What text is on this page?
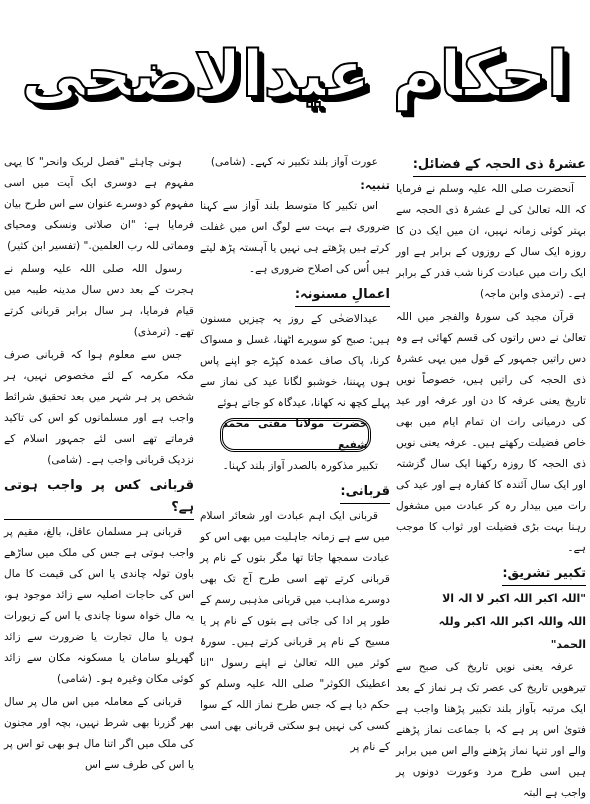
احکام عیدالاضحی
عشرۂ ذی الحجہ کے فضائل:

آنحضرت صلی اللہ علیہ وسلم نے فرمایا کہ اللہ تعالیٰ کی لے عشرۂ ذی الحجہ سے بہتر کوئی زمانہ نہیں، ان میں ایک دن کا روزہ ایک سال کے روزوں کے برابر ہے اور ایک رات میں عبادت کرنا شب قدر کے برابر ہے۔ (ترمذی وابن ماجہ)

قرآن مجید کی سورۂ والفجر میں اللہ تعالیٰ نے دس راتوں کی قسم کھائی ہے وہ دس راتیں جمہور کے قول میں یہی عشرۂ ذی الحجہ کی راتیں ہیں، خصوصاً نویں تاریخ یعنی عرفہ کا دن اور عرفہ اور عید کی درمیانی رات ان تمام ایام میں بھی خاص فضیلت رکھتے ہیں۔ عرفہ یعنی نویں ذی الحجہ کا روزہ رکھنا ایک سال گزشتہ اور ایک سال آئندہ کا کفارہ ہے اور عید کی رات میں بیدار رہ کر عبادت میں مشغول رہنا بہت بڑی فضیلت اور ثواب کا موجب ہے۔

تکبیر تشریق:
"اللہ اکبر اللہ اکبر لا الہ الا
اللہ واللہ اکبر اللہ اکبر وللہ
الحمد"

عرفہ یعنی نویں تاریخ کی صبح سے تیرھویں تاریخ کی عصر تک ہر نماز کے بعد ایک مرتبہ بآواز بلند تکبیر پڑھنا واجب ہے فتویٰ اس پر ہے کہ با جماعت نماز پڑھنے والے اور تنہا نماز پڑھنے والے اس میں برابر ہیں اسی طرح مرد وعورت دونوں پر واجب ہے البتہ

عورت آواز بلند تکبیر نہ کہے۔ (شامی)

تنبیہ:

اس تکبیر کا متوسط بلند آواز سے کہنا ضروری ہے بہت سے لوگ اس میں غفلت کرتے ہیں پڑھتے ہی نہیں یا آہستہ پڑھ لیتے ہیں اُس کی اصلاح ضروری ہے۔

اعمالِ مسنونہ:

عیدالاضحٰی کے روز یہ چیزیں مسنون ہیں: صبح کو سویرے اٹھنا، غسل و مسواک کرنا، پاک صاف عمدہ کپڑے جو اپنے پاس ہوں پہننا، خوشبو لگانا عید کی نماز سے پہلے کچھ نہ کھانا، عیدگاہ کو جاتے ہوئے

حضرت مولانا مفتی محمد شفیع

تکبیر مذکورہ بالصدر آواز بلند کہنا۔

قربانی:

قربانی ایک اہم عبادت اور شعائر اسلام میں سے ہے زمانہ جاہلیت میں بھی اس کو عبادت سمجھا جاتا تھا مگر بتوں کے نام پر قربانی کرتے تھے اسی طرح آج تک بھی دوسرے مذاہب میں قربانی مذہبی رسم کے طور پر ادا کی جاتی ہے بتوں کے نام پر یا مسیح کے نام پر قربانی کرتے ہیں۔ سورۂ کوثر میں اللہ تعالیٰ نے اپنے رسول "انا اعطینک الکوثر" صلی اللہ علیہ وسلم کو حکم دیا ہے کہ جس طرح نماز اللہ کے سوا کسی کی نہیں ہو سکتی قربانی بھی اسی کے نام پر

ہونی چاہئے "فصل لربک وانحر" کا یہی مفہوم ہے دوسری ایک آیت میں اسی مفہوم کو دوسرے عنوان سے اس طرح بیان فرمایا ہے: "ان صلاتی ونسکی ومحیای ومماتی للہ رب العلمین." (تفسیر ابن کثیر)

رسول اللہ صلی اللہ علیہ وسلم نے ہجرت کے بعد دس سال مدینہ طیبہ میں قیام فرمایا، ہر سال برابر قربانی کرتے تھے۔ (ترمذی)

جس سے معلوم ہوا کہ قربانی صرف مکہ مکرمہ کے لئے مخصوص نہیں، ہر شخص پر ہر شہر میں بعد تحقیق شرائط واجب ہے اور مسلمانوں کو اس کی تاکید فرماتے تھے اسی لئے جمہور اسلام کے نزدیک قربانی واجب ہے۔ (شامی)

قربانی کس پر واجب ہوتی ہے؟

قربانی ہر مسلمان عاقل، بالغ، مقیم پر واجب ہوتی ہے جس کی ملک میں ساڑھے باون تولہ چاندی یا اس کی قیمت کا مال اس کی حاجات اصلیہ سے زائد موجود ہو، یہ مال خواہ سونا چاندی یا اس کے زیورات ہوں یا مال تجارت یا ضرورت سے زائد گھریلو سامان یا مسکونہ مکان سے زائد کوئی مکان وغیرہ ہو۔ (شامی)

قربانی کے معاملہ میں اس مال پر سال بھر گزرنا بھی شرط نہیں، بچہ اور مجنون کی ملک میں اگر اتنا مال ہو بھی تو اس پر یا اس کی طرف سے اس
